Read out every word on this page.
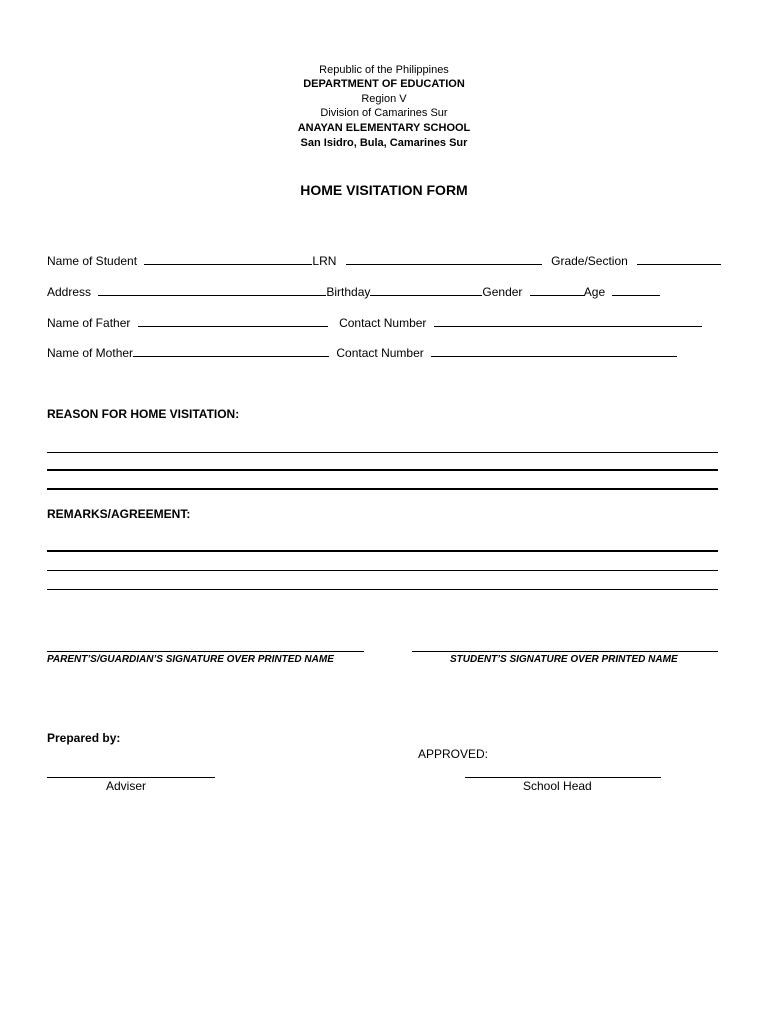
Republic of the Philippines
DEPARTMENT OF EDUCATION
Region V
Division of Camarines Sur
ANAYAN ELEMENTARY SCHOOL
San Isidro, Bula, Camarines Sur
HOME VISITATION FORM
Name of Student	LRN	Grade/Section
Address	Birthday	Gender	Age
Name of Father	Contact Number
Name of Mother	Contact Number
REASON FOR HOME VISITATION:
REMARKS/AGREEMENT:
PARENT’S/GUARDIAN’S SIGNATURE OVER PRINTED NAME	STUDENT’S SIGNATURE OVER PRINTED NAME
Prepared by:
Adviser
APPROVED:
School Head
